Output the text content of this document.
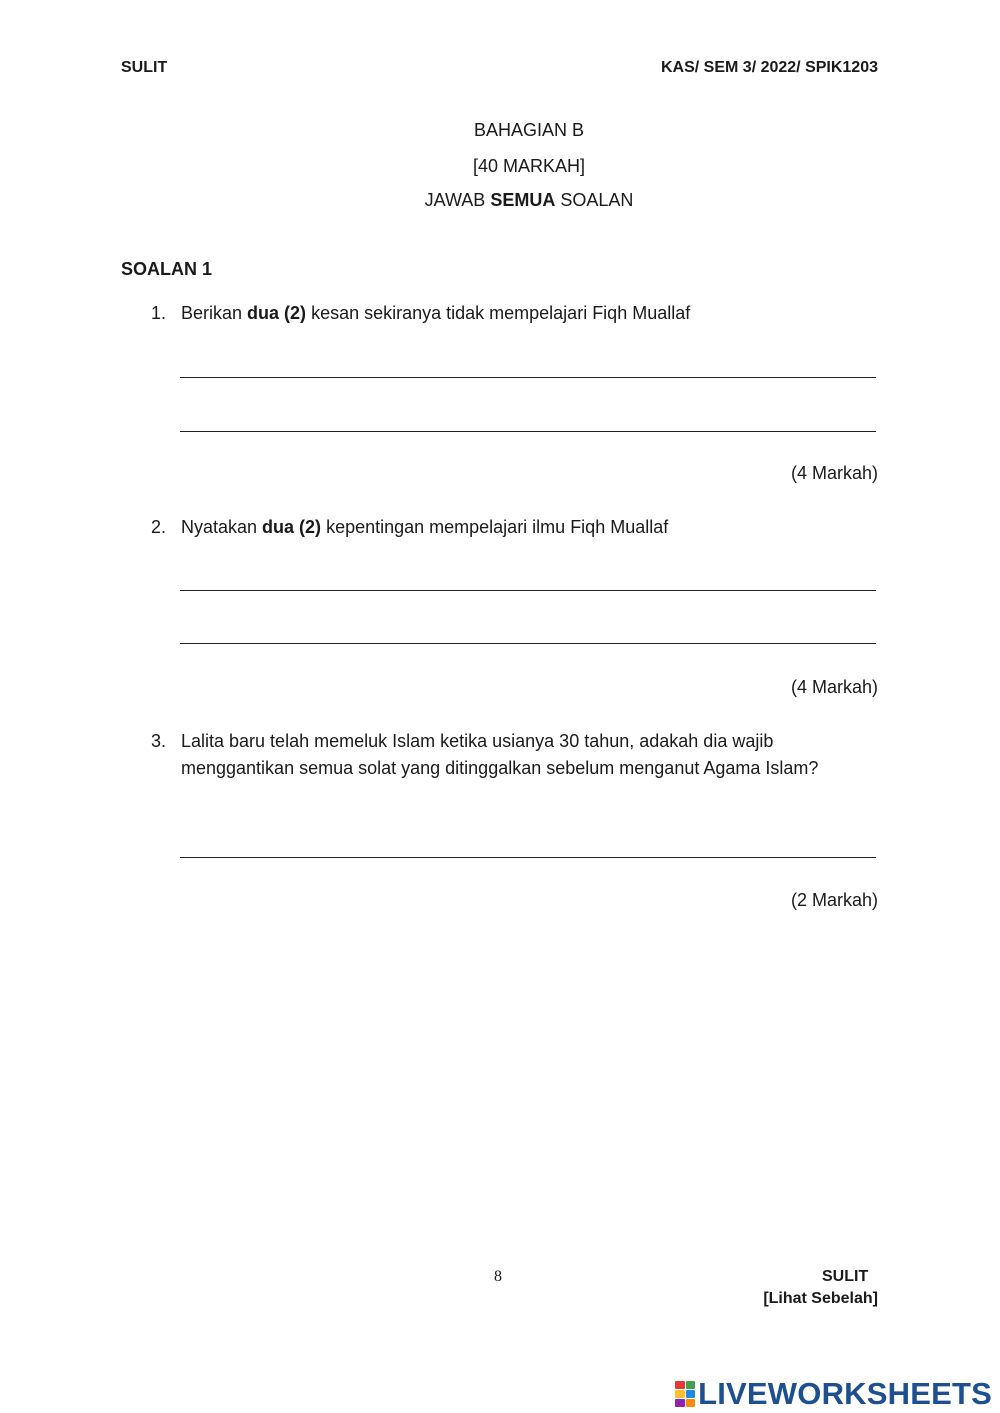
SULIT	KAS/ SEM 3/ 2022/ SPIK1203
BAHAGIAN B
[40 MARKAH]
JAWAB SEMUA SOALAN
SOALAN 1
1. Berikan dua (2) kesan sekiranya tidak mempelajari Fiqh Muallaf
(4 Markah)
2. Nyatakan dua (2) kepentingan mempelajari ilmu Fiqh Muallaf
(4 Markah)
3. Lalita baru telah memeluk Islam ketika usianya 30 tahun, adakah dia wajib menggantikan semua solat yang ditinggalkan sebelum menganut Agama Islam?
(2 Markah)
8	SULIT
[Lihat Sebelah]
LIVEWORKSHEETS
